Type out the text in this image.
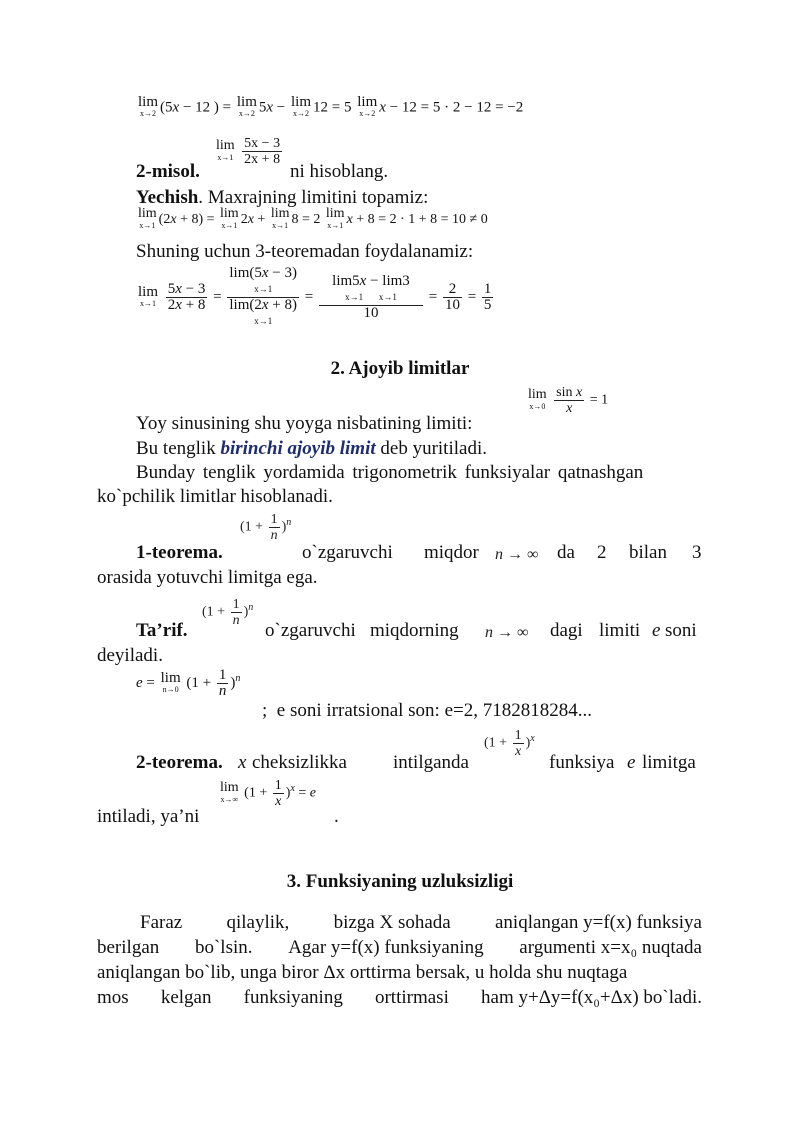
lim
x→2 (5x − 12 ) = lim
x→2 5x − lim
x→2 12 = 5 lim
x→2 x − 12 = 5 · 2 − 12 = −2
lim
x→1
$\frac{5x - 3}{2x + 8}$
2-misol.	ni hisoblang.
Yechish. Maxrajning limitini topamiz:
lim
x→1 (2x + 8) = lim
x→1 2x + lim
x→1 8 = 2 lim
x→1 x + 8 = 2 · 1 + 8 = 10 ≠ 0
Shuning uchun 3-teoremadan foydalanamiz:
lim
x→1
$\frac{5x - 3}{2x + 8}$ =
lim(5x − 3)
x→1
lim(2x + 8)
x→1
=
lim5x − lim3
x→1       x→1
10
= $\frac{2}{10} = \frac{1}{5}$
2. Ajoyib limitlar
Yoy sinusining shu yoyga nisbatining limiti:
lim
x→0
$\frac{\text{sin x}}{x} = 1$
Bu tenglik birinchi ajoyib limit deb yuritiladi.
Bunday tenglik yordamida trigonometrik funksiyalar qatnashgan
ko`pchilik limitlar hisoblanadi.
$(1 + \frac{1}{n} )^n$
1-teorema.	o`zgaruvchi miqdor n → ∞ da 2 bilan 3
orasida yotuvchi limitga ega.
$(1 + \frac{1}{n} )^n$
Ta’rif.	o`zgaruvchi miqdorning n → ∞ dagi limiti e soni
deyiladi.
e = lim
n→0 $(1 + \frac{1}{n} )^n$
;  e soni irratsional son: e=2, 7182818284...
$(1 + \frac{1}{x} )^x$
2-teorema. x cheksizlikka intilganda	funksiya e limitga
lim
x→∞ $(1 + \frac{1}{x} )^x = e$
intiladi, ya’ni	.
3. Funksiyaning uzluksizligi
Faraz qilaylik, bizga X sohada aniqlangan y=f(x) funksiya
berilgan bo`lsin. Agar y=f(x) funksiyaning argumenti x=x₀ nuqtada
aniqlangan bo`lib, unga biror Δx orttirma bersak, u holda shu nuqtaga
mos kelgan funksiyaning orttirmasi ham y+Δy=f(x₀+Δx) bo`ladi.
